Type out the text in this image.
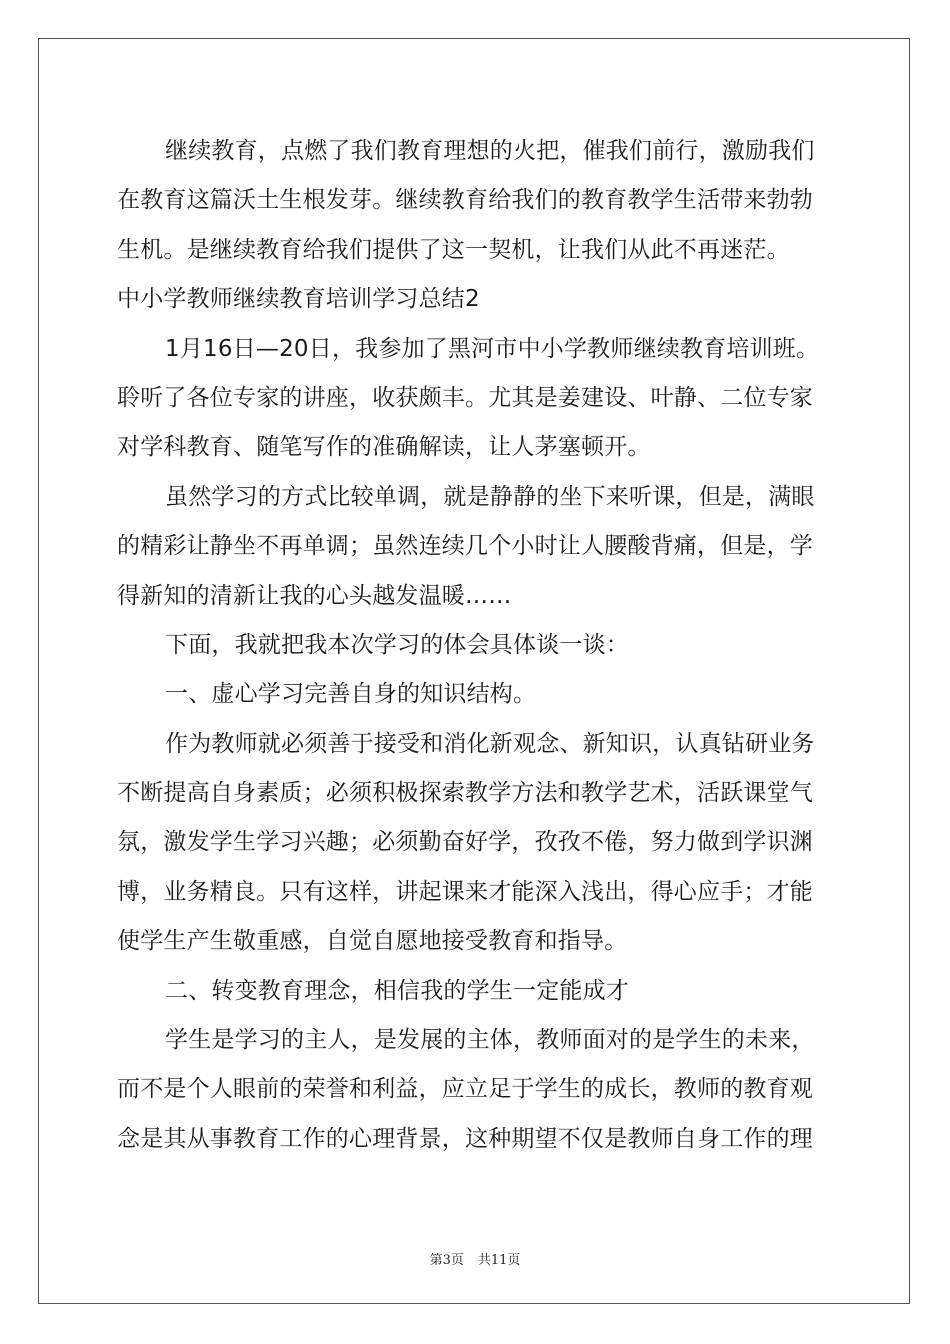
继续教育，点燃了我们教育理想的火把，催我们前行，激励我们
在教育这篇沃土生根发芽。继续教育给我们的教育教学生活带来勃勃
生机。是继续教育给我们提供了这一契机，让我们从此不再迷茫。
中小学教师继续教育培训学习总结2
1月16日—20日，我参加了黑河市中小学教师继续教育培训班。
聆听了各位专家的讲座，收获颇丰。尤其是姜建设、叶静、二位专家
对学科教育、随笔写作的准确解读，让人茅塞顿开。
虽然学习的方式比较单调，就是静静的坐下来听课，但是，满眼
的精彩让静坐不再单调；虽然连续几个小时让人腰酸背痛，但是，学
得新知的清新让我的心头越发温暖……
下面，我就把我本次学习的体会具体谈一谈：
一、虚心学习完善自身的知识结构。
作为教师就必须善于接受和消化新观念、新知识，认真钻研业务
不断提高自身素质；必须积极探索教学方法和教学艺术，活跃课堂气
氛，激发学生学习兴趣；必须勤奋好学，孜孜不倦，努力做到学识渊
博，业务精良。只有这样，讲起课来才能深入浅出，得心应手；才能
使学生产生敬重感，自觉自愿地接受教育和指导。
二、转变教育理念，相信我的学生一定能成才
学生是学习的主人，是发展的主体，教师面对的是学生的未来，
而不是个人眼前的荣誉和利益，应立足于学生的成长，教师的教育观
念是其从事教育工作的心理背景，这种期望不仅是教师自身工作的理
第3页 共11页
